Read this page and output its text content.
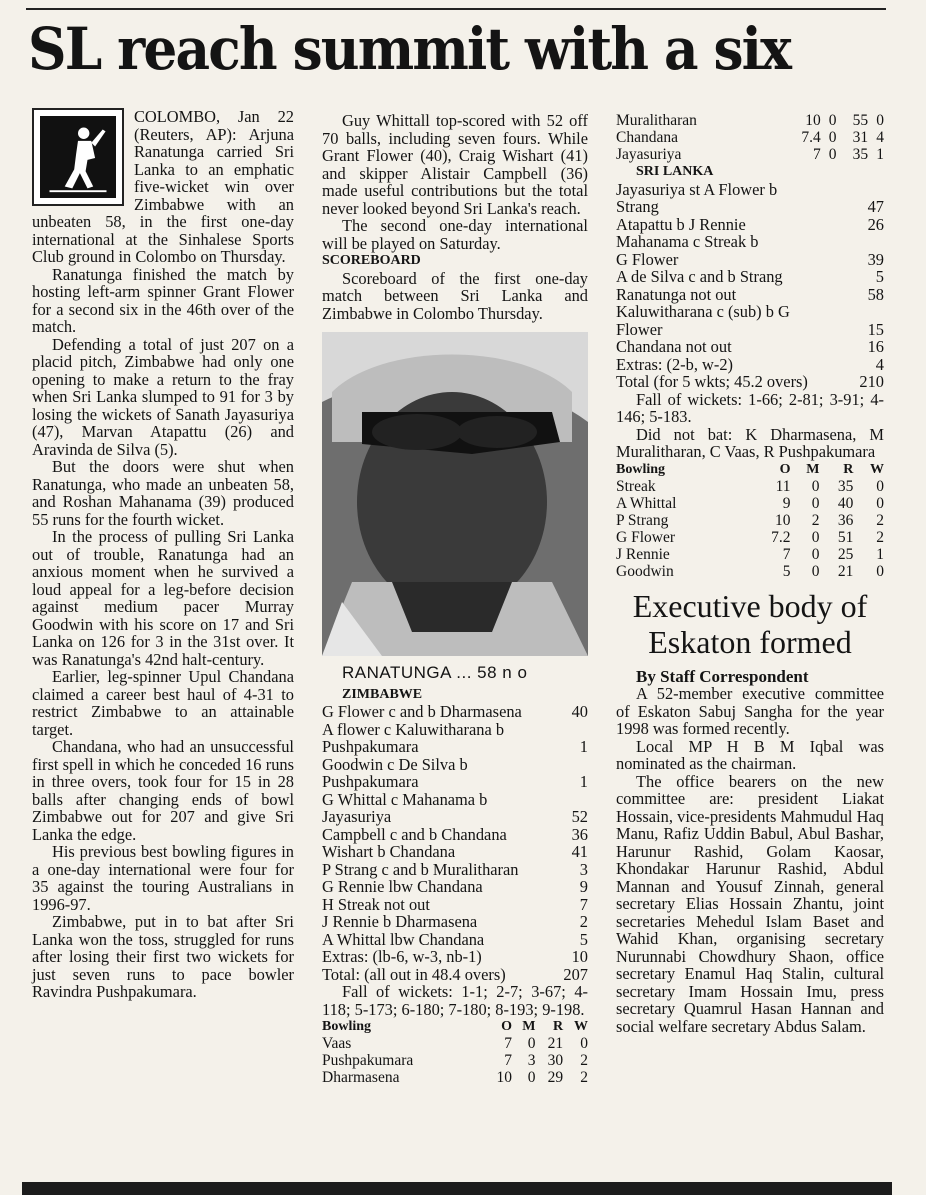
SL reach summit with a six

COLOMBO, Jan 22 (Reuters, AP): Arjuna Ranatunga carried Sri Lanka to an emphatic five-wicket win over Zimbabwe with an unbeaten 58, in the first one-day international at the Sinhalese Sports Club ground in Colombo on Thursday.

Ranatunga finished the match by hosting left-arm spinner Grant Flower for a second six in the 46th over of the match.

Defending a total of just 207 on a placid pitch, Zimbabwe had only one opening to make a return to the fray when Sri Lanka slumped to 91 for 3 by losing the wickets of Sanath Jayasuriya (47), Marvan Atapattu (26) and Aravinda de Silva (5).

But the doors were shut when Ranatunga, who made an unbeaten 58, and Roshan Mahanama (39) produced 55 runs for the fourth wicket.

In the process of pulling Sri Lanka out of trouble, Ranatunga had an anxious moment when he survived a loud appeal for a leg-before decision against medium pacer Murray Goodwin with his score on 17 and Sri Lanka on 126 for 3 in the 31st over. It was Ranatunga's 42nd halt-century.

Earlier, leg-spinner Upul Chandana claimed a career best haul of 4-31 to restrict Zimbabwe to an attainable target.

Chandana, who had an unsuccessful first spell in which he conceded 16 runs in three overs, took four for 15 in 28 balls after changing ends of bowl Zimbabwe out for 207 and give Sri Lanka the edge.

His previous best bowling figures in a one-day international were four for 35 against the touring Australians in 1996-97.

Zimbabwe, put in to bat after Sri Lanka won the toss, struggled for runs after losing their first two wickets for just seven runs to pace bowler Ravindra Pushpakumara.

Guy Whittall top-scored with 52 off 70 balls, including seven fours. While Grant Flower (40), Craig Wishart (41) and skipper Alistair Campbell (36) made useful contributions but the total never looked beyond Sri Lanka's reach.

The second one-day international will be played on Saturday.

SCOREBOARD

Scoreboard of the first one-day match between Sri Lanka and Zimbabwe in Colombo Thursday.

RANATUNGA ... 58 n o

ZIMBABWE

G Flower c and b Dharmasena	40
A flower c Kaluwitharana b
Pushpakumara	1
Goodwin c De Silva b
Pushpakumara	1
G Whittal c Mahanama b
Jayasuriya	52
Campbell c and b Chandana	36
Wishart b Chandana	41
P Strang c and b Muralitharan	3
G Rennie lbw Chandana	9
H Streak not out	7
J Rennie b Dharmasena	2
A Whittal lbw Chandana	5
Extras: (lb-6, w-3, nb-1)	10
Total: (all out in 48.4 overs)	207

Fall of wickets: 1-1; 2-7; 3-67; 4-118; 5-173; 6-180; 7-180; 8-193; 9-198.

Bowling	O	M	R	W
Vaas	7	0	21	0
Pushpakumara	7	3	30	2
Dharmasena	10	0	29	2
Muralitharan	10	0	55	0
Chandana	7.4	0	31	4
Jayasuriya	7	0	35	1

SRI LANKA

Jayasuriya st A Flower b
Strang	47
Atapattu b J Rennie	26
Mahanama c Streak b
G Flower	39
A de Silva c and b Strang	5
Ranatunga not out	58
Kaluwitharana c (sub) b G
Flower	15
Chandana not out	16
Extras: (2-b, w-2)	4
Total (for 5 wkts; 45.2 overs)	210

Fall of wickets: 1-66; 2-81; 3-91; 4-146; 5-183.

Did not bat: K Dharmasena, M Muralitharan, C Vaas, R Pushpakumara

Bowling	O	M	R	W
Streak	11	0	35	0
A Whittal	9	0	40	0
P Strang	10	2	36	2
G Flower	7.2	0	51	2
J Rennie	7	0	25	1
Goodwin	5	0	21	0
Executive body of Eskaton formed

By Staff Correspondent

A 52-member executive committee of Eskaton Sabuj Sangha for the year 1998 was formed recently.

Local MP H B M Iqbal was nominated as the chairman.

The office bearers on the new committee are: president Liakat Hossain, vice-presidents Mahmudul Haq Manu, Rafiz Uddin Babul, Abul Bashar, Harunur Rashid, Golam Kaosar, Khondakar Harunur Rashid, Abdul Mannan and Yousuf Zinnah, general secretary Elias Hossain Zhantu, joint secretaries Mehedul Islam Baset and Wahid Khan, organising secretary Nurunnabi Chowdhury Shaon, office secretary Enamul Haq Stalin, cultural secretary Imam Hossain Imu, press secretary Quamrul Hasan Hannan and social welfare secretary Abdus Salam.
